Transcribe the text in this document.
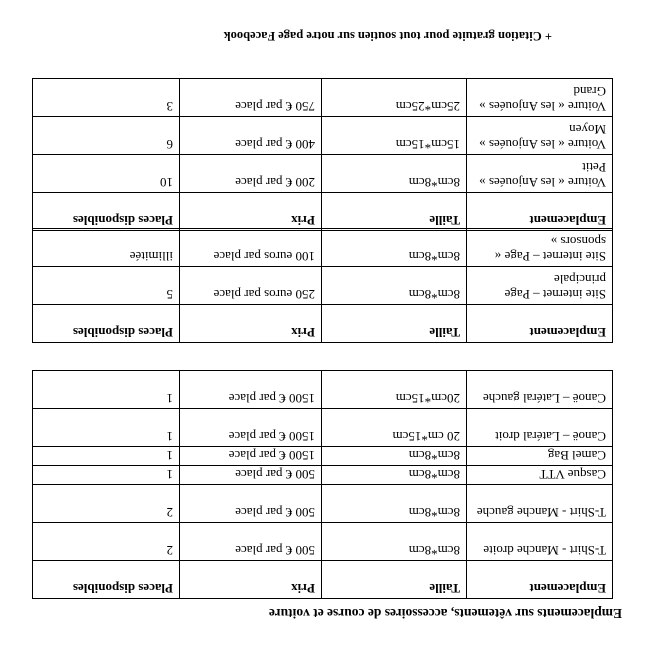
Emplacements sur vêtements, accessoires de course et voiture
Emplacement	Taille	Prix	Places disponibles
T-Shirt - Manche droite	8cm*8cm	500 € par place	2
T-Shirt - Manche gauche	8cm*8cm	500 € par place	2
Casque VTT	8cm*8cm	500 € par place	1
Camel Bag	8cm*8cm	1500 € par place	1
Canoë – Latéral droit	20 cm*15cm	1500 € par place	1
Canoë – Latéral gauche	20cm*15cm	1500 € par place	1
Emplacement	Taille	Prix	Places disponibles
Site internet – Page principale	8cm*8cm	250 euros par place	5
Site internet – Page « sponsors »	8cm*8cm	100 euros par place	illimitée
Emplacement	Taille	Prix	Places disponibles
Voiture « les Anjouées » Petit	8cm*8cm	200 € par place	10
Voiture « les Anjouées » Moyen	15cm*15cm	400 € par place	6
Voiture « les Anjouées » Grand	25cm*25cm	750 € par place	3
+ Citation gratuite pour tout soutien sur notre page Facebook
